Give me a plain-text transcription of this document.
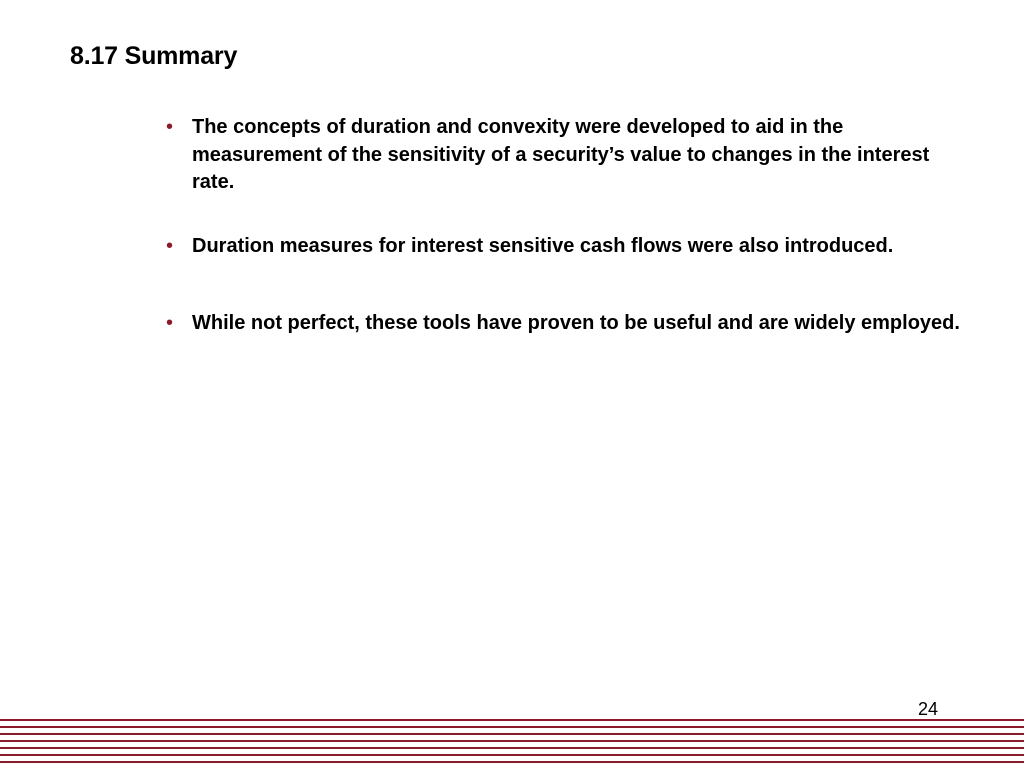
8.17 Summary
• The concepts of duration and convexity were developed to aid in the measurement of the sensitivity of a security’s value to changes in the interest rate.
• Duration measures for interest sensitive cash flows were also introduced.
• While not perfect, these tools have proven to be useful and are widely employed.
24
